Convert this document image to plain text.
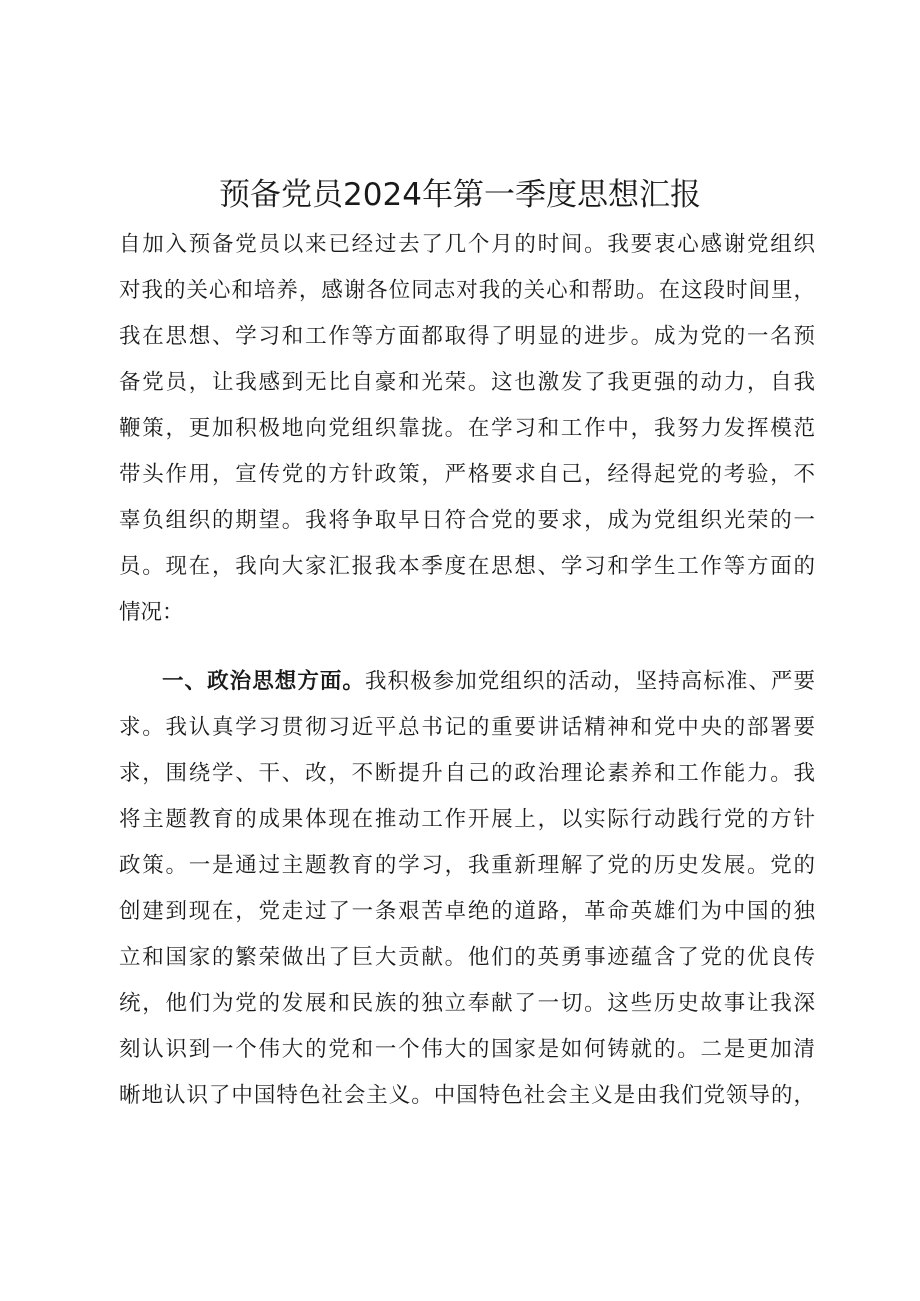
预备党员2024年第一季度思想汇报
自加入预备党员以来已经过去了几个月的时间。我要衷心感谢党组织
对我的关心和培养，感谢各位同志对我的关心和帮助。在这段时间里，
我在思想、学习和工作等方面都取得了明显的进步。成为党的一名预
备党员，让我感到无比自豪和光荣。这也激发了我更强的动力，自我
鞭策，更加积极地向党组织靠拢。在学习和工作中，我努力发挥模范
带头作用，宣传党的方针政策，严格要求自己，经得起党的考验，不
辜负组织的期望。我将争取早日符合党的要求，成为党组织光荣的一
员。现在，我向大家汇报我本季度在思想、学习和学生工作等方面的
情况：
一、政治思想方面。我积极参加党组织的活动，坚持高标准、严要
求。我认真学习贯彻习近平总书记的重要讲话精神和党中央的部署要
求，围绕学、干、改，不断提升自己的政治理论素养和工作能力。我
将主题教育的成果体现在推动工作开展上，以实际行动践行党的方针
政策。一是通过主题教育的学习，我重新理解了党的历史发展。党的
创建到现在，党走过了一条艰苦卓绝的道路，革命英雄们为中国的独
立和国家的繁荣做出了巨大贡献。他们的英勇事迹蕴含了党的优良传
统，他们为党的发展和民族的独立奉献了一切。这些历史故事让我深
刻认识到一个伟大的党和一个伟大的国家是如何铸就的。二是更加清
晰地认识了中国特色社会主义。中国特色社会主义是由我们党领导的，
